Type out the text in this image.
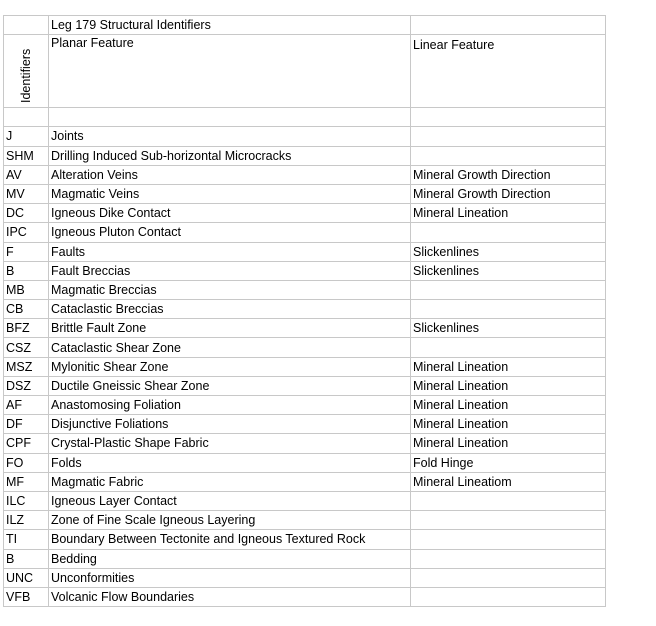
	Leg 179 Structural Identifiers	

Identifiers	Planar Feature	Linear Feature

J	Joints	
SHM	Drilling Induced Sub-horizontal Microcracks	
AV	Alteration Veins	Mineral Growth Direction
MV	Magmatic Veins	Mineral Growth Direction
DC	Igneous Dike Contact	Mineral Lineation
IPC	Igneous Pluton Contact	
F	Faults	Slickenlines
B	Fault Breccias	Slickenlines
MB	Magmatic Breccias	
CB	Cataclastic Breccias	
BFZ	Brittle Fault Zone	Slickenlines
CSZ	Cataclastic Shear Zone	
MSZ	Mylonitic Shear Zone	Mineral Lineation
DSZ	Ductile Gneissic Shear Zone	Mineral Lineation
AF	Anastomosing Foliation	Mineral Lineation
DF	Disjunctive Foliations	Mineral Lineation
CPF	Crystal-Plastic Shape Fabric	Mineral Lineation
FO	Folds	Fold Hinge
MF	Magmatic Fabric	Mineral Lineatiom
ILC	Igneous Layer Contact	
ILZ	Zone of Fine Scale Igneous Layering	
TI	Boundary Between Tectonite and Igneous Textured Rock	
B	Bedding	
UNC	Unconformities	
VFB	Volcanic Flow Boundaries	
